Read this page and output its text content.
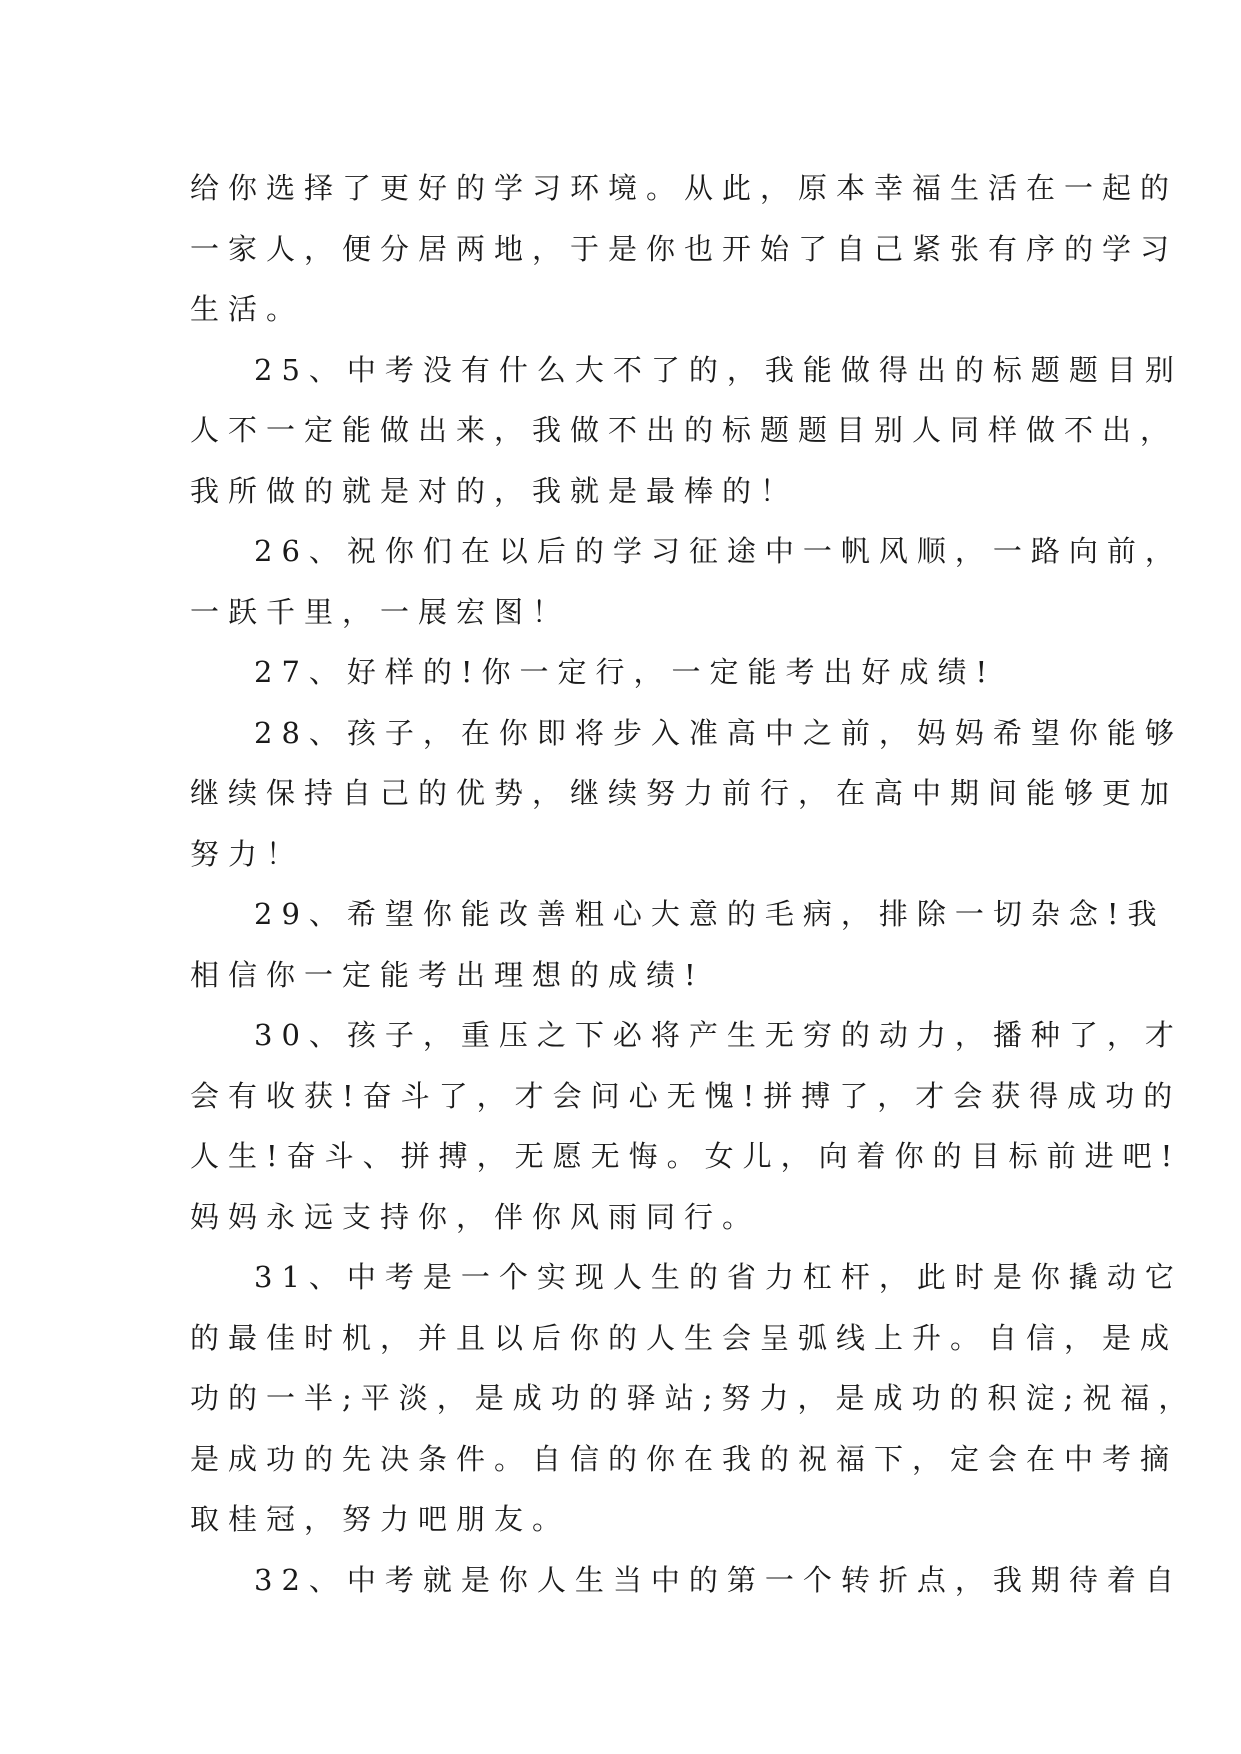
给你选择了更好的学习环境。从此，原本幸福生活在一起的
一家人，便分居两地，于是你也开始了自己紧张有序的学习
生活。
25、中考没有什么大不了的，我能做得出的标题题目别
人不一定能做出来，我做不出的标题题目别人同样做不出，
我所做的就是对的，我就是最棒的！
26、祝你们在以后的学习征途中一帆风顺，一路向前，
一跃千里，一展宏图！
27、好样的!你一定行，一定能考出好成绩!
28、孩子，在你即将步入准高中之前，妈妈希望你能够
继续保持自己的优势，继续努力前行，在高中期间能够更加
努力！
29、希望你能改善粗心大意的毛病，排除一切杂念!我
相信你一定能考出理想的成绩!
30、孩子，重压之下必将产生无穷的动力，播种了，才
会有收获!奋斗了，才会问心无愧!拼搏了，才会获得成功的
人生!奋斗、拼搏，无愿无悔。女儿，向着你的目标前进吧!
妈妈永远支持你，伴你风雨同行。
31、中考是一个实现人生的省力杠杆，此时是你撬动它
的最佳时机，并且以后你的人生会呈弧线上升。自信，是成
功的一半;平淡，是成功的驿站;努力，是成功的积淀;祝福，
是成功的先决条件。自信的你在我的祝福下，定会在中考摘
取桂冠，努力吧朋友。
32、中考就是你人生当中的第一个转折点，我期待着自
